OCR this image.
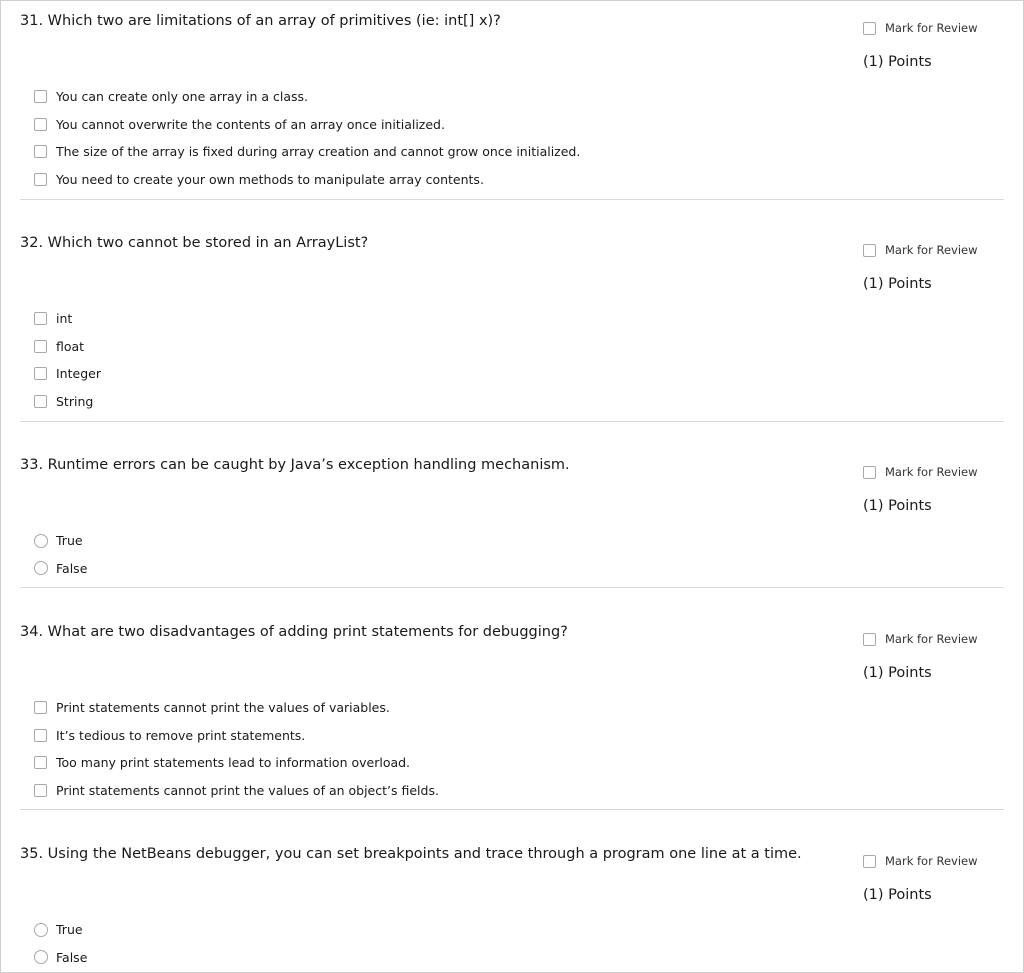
31. Which two are limitations of an array of primitives (ie: int[] x)?	Mark for Review
(1) Points
You can create only one array in a class.
You cannot overwrite the contents of an array once initialized.
The size of the array is fixed during array creation and cannot grow once initialized.
You need to create your own methods to manipulate array contents.
32. Which two cannot be stored in an ArrayList?	Mark for Review
(1) Points
int
float
Integer
String
33. Runtime errors can be caught by Java’s exception handling mechanism.	Mark for Review
(1) Points
True
False
34. What are two disadvantages of adding print statements for debugging?	Mark for Review
(1) Points
Print statements cannot print the values of variables.
It’s tedious to remove print statements.
Too many print statements lead to information overload.
Print statements cannot print the values of an object’s fields.
35. Using the NetBeans debugger, you can set breakpoints and trace through a program one line at a time.	Mark for Review
(1) Points
True
False
